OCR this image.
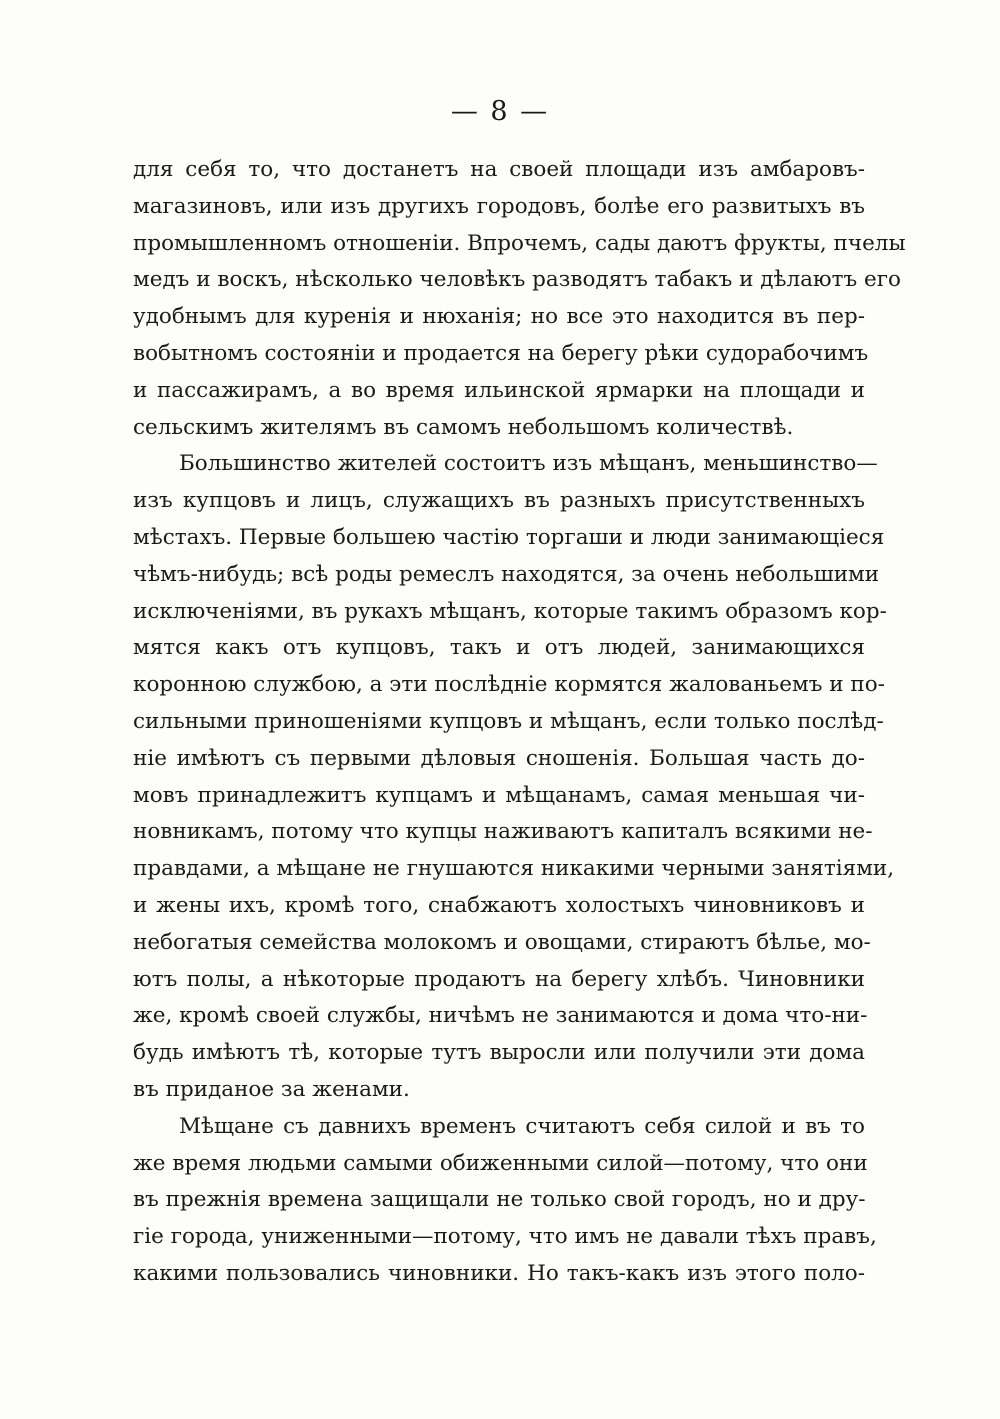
— 8 —
для себя то, что достанетъ на своей площади изъ амбаровъ-
магазиновъ, или изъ другихъ городовъ, болѣе его развитыхъ въ
промышленномъ отношенiи. Впрочемъ, сады даютъ фрукты, пчелы
медъ и воскъ, нѣсколько человѣкъ разводятъ табакъ и дѣлаютъ его
удобнымъ для куренiя и нюханiя; но все это находится въ пер-
вобытномъ состоянiи и продается на берегу рѣки судорабочимъ
и пассажирамъ, а во время ильинской ярмарки на площади и
сельскимъ жителямъ въ самомъ небольшомъ количествѣ.
Большинство жителей состоитъ изъ мѣщанъ, меньшинство—
изъ купцовъ и лицъ, служащихъ въ разныхъ присутственныхъ
мѣстахъ. Первые большею частiю торгаши и люди занимающiеся
чѣмъ-нибудь; всѣ роды ремеслъ находятся, за очень небольшими
исключенiями, въ рукахъ мѣщанъ, которые такимъ образомъ кор-
мятся какъ отъ купцовъ, такъ и отъ людей, занимающихся
коронною службою, а эти послѣднiе кормятся жалованьемъ и по-
сильными приношенiями купцовъ и мѣщанъ, если только послѣд-
нiе имѣютъ съ первыми дѣловыя сношенiя. Большая часть до-
мовъ принадлежитъ купцамъ и мѣщанамъ, самая меньшая чи-
новникамъ, потому что купцы наживаютъ капиталъ всякими не-
правдами, а мѣщане не гнушаются никакими черными занятiями,
и жены ихъ, кромѣ того, снабжаютъ холостыхъ чиновниковъ и
небогатыя семейства молокомъ и овощами, стираютъ бѣлье, мо-
ютъ полы, а нѣкоторые продаютъ на берегу хлѣбъ. Чиновники
же, кромѣ своей службы, ничѣмъ не занимаются и дома что-ни-
будь имѣютъ тѣ, которые тутъ выросли или получили эти дома
въ приданое за женами.
Мѣщане съ давнихъ временъ считаютъ себя силой и въ то
же время людьми самыми обиженными силой—потому, что они
въ прежнiя времена защищали не только свой городъ, но и дру-
гiе города, униженными—потому, что имъ не давали тѣхъ правъ,
какими пользовались чиновники. Но такъ-какъ изъ этого поло-
